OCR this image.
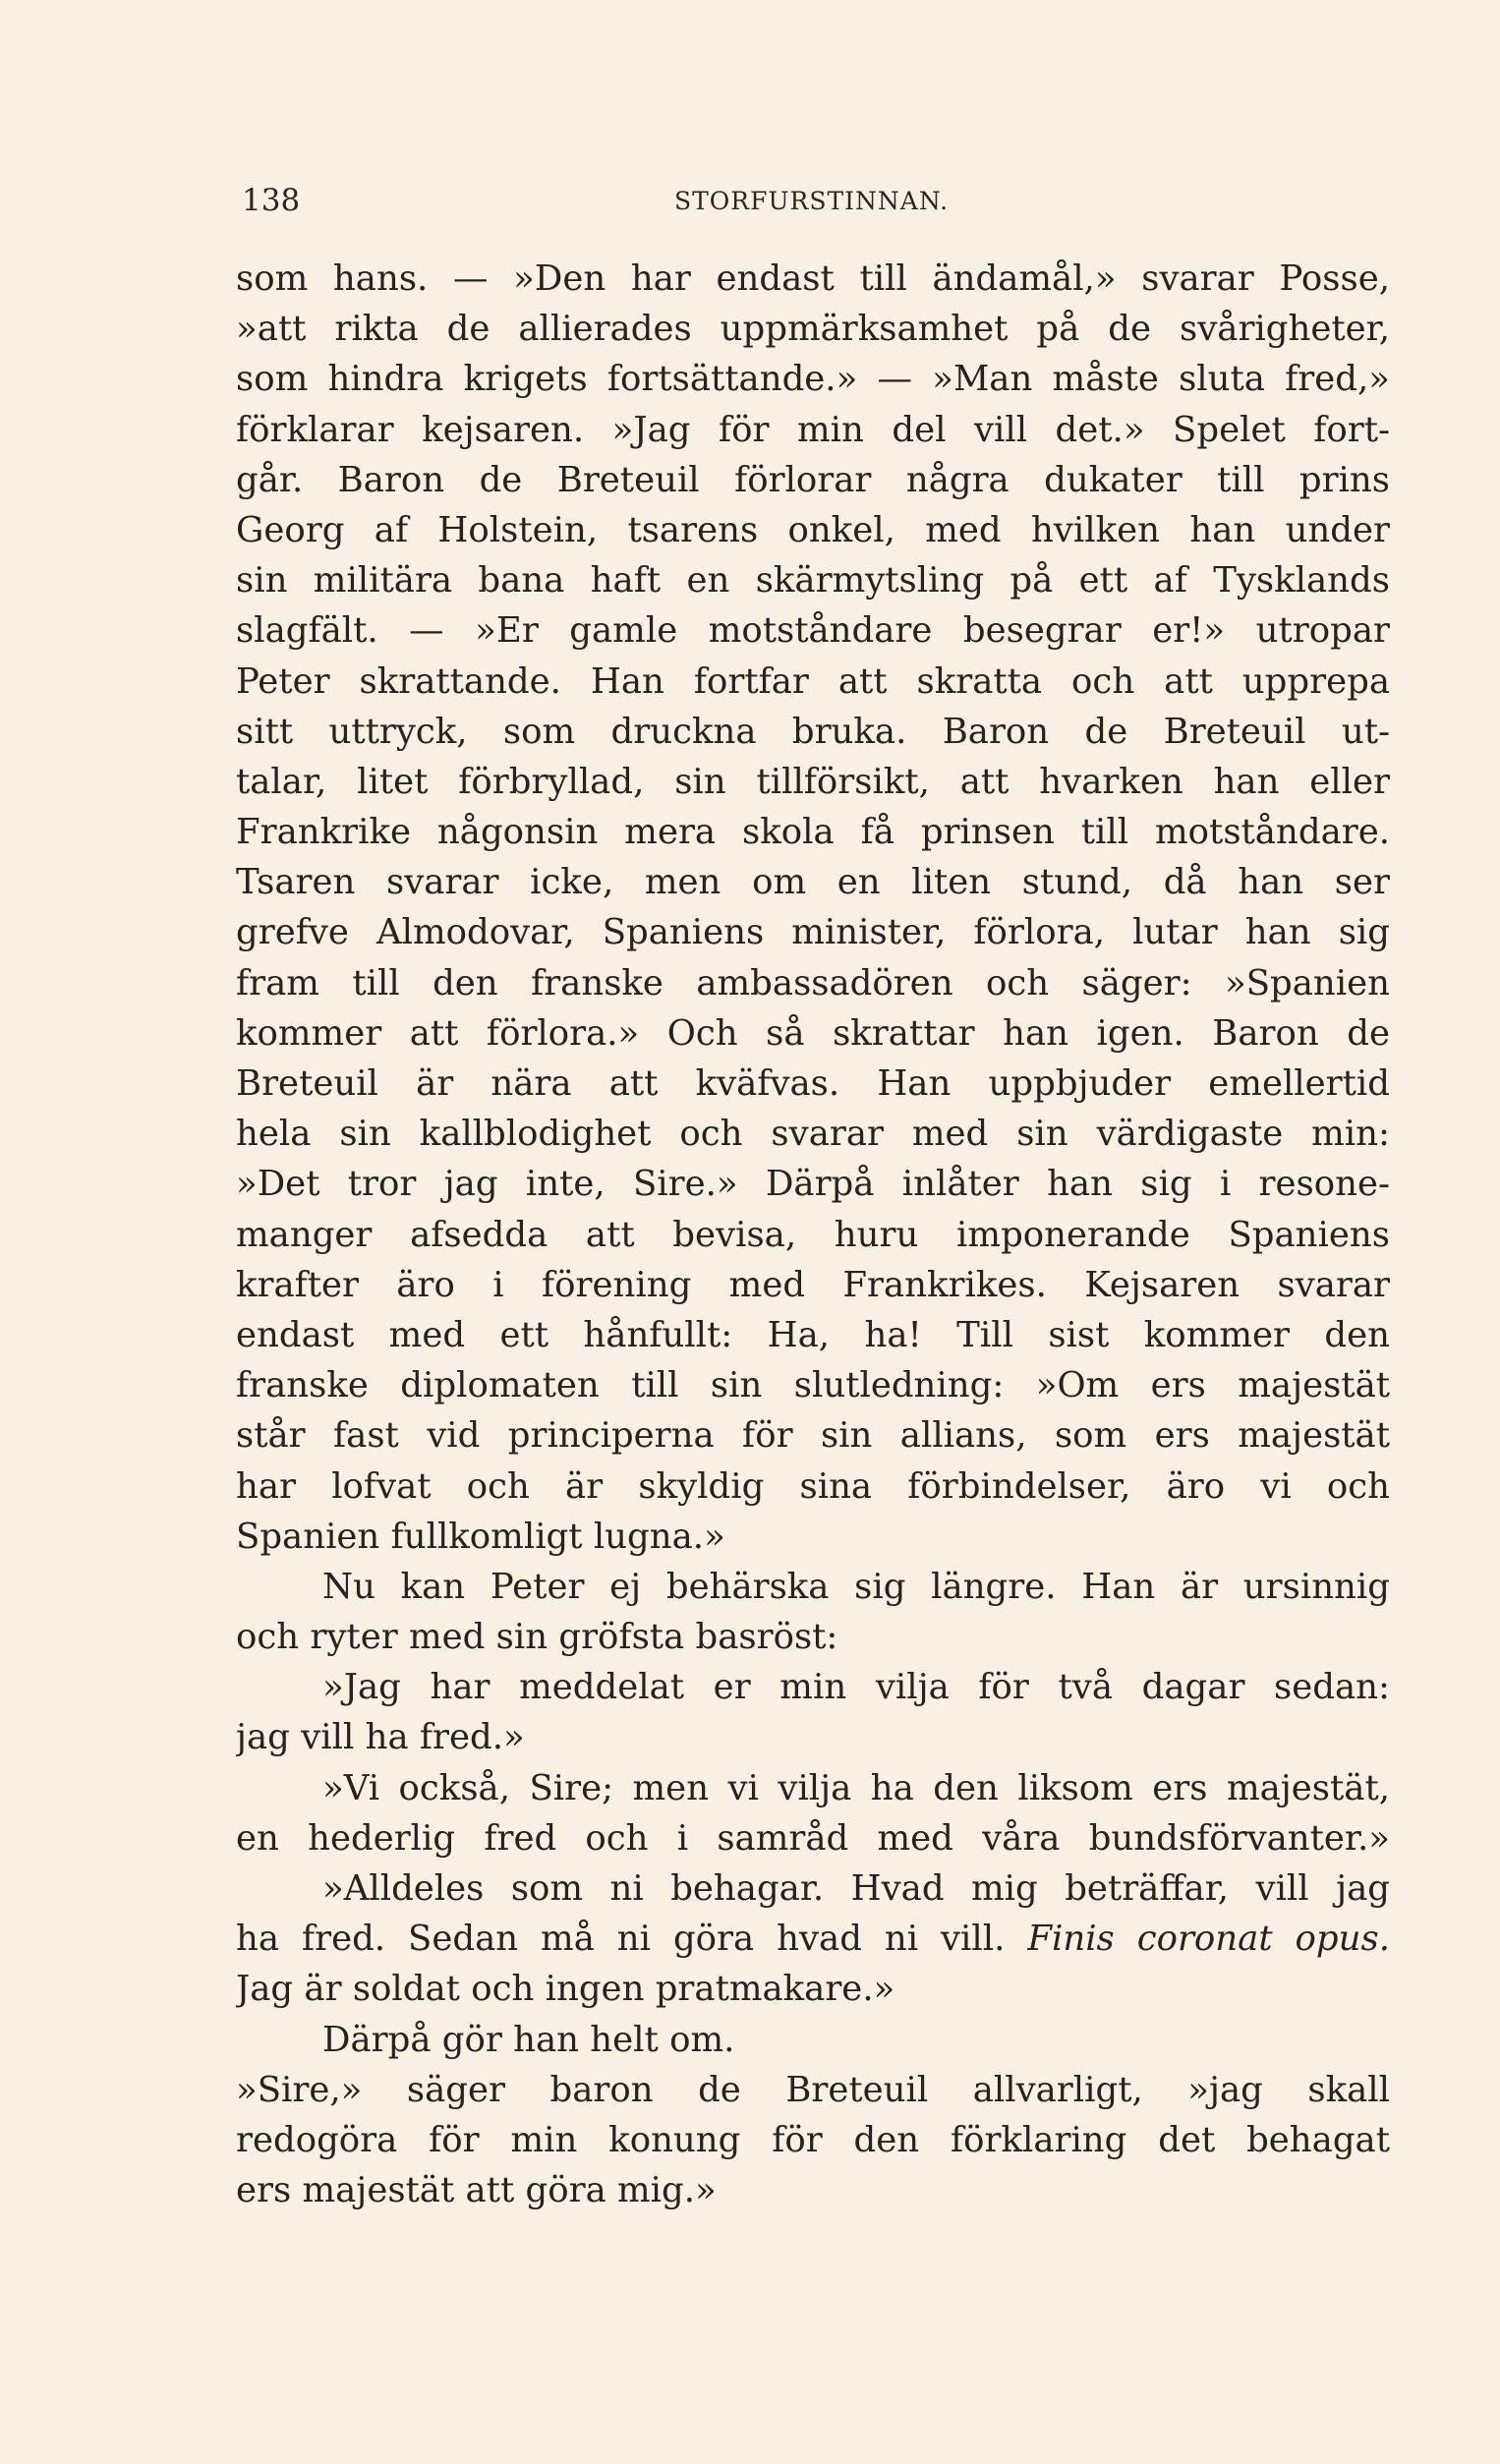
138	STORFURSTINNAN.
som hans. — »Den har endast till ändamål,» svarar Posse,
»att rikta de allierades uppmärksamhet på de svårigheter,
som hindra krigets fortsättande.» — »Man måste sluta fred,»
förklarar kejsaren. »Jag för min del vill det.» Spelet fort-
går. Baron de Breteuil förlorar några dukater till prins
Georg af Holstein, tsarens onkel, med hvilken han under
sin militära bana haft en skärmytsling på ett af Tysklands
slagfält. — »Er gamle motståndare besegrar er!» utropar
Peter skrattande. Han fortfar att skratta och att upprepa
sitt uttryck, som druckna bruka. Baron de Breteuil ut-
talar, litet förbryllad, sin tillförsikt, att hvarken han eller
Frankrike någonsin mera skola få prinsen till motståndare.
Tsaren svarar icke, men om en liten stund, då han ser
grefve Almodovar, Spaniens minister, förlora, lutar han sig
fram till den franske ambassadören och säger: »Spanien
kommer att förlora.» Och så skrattar han igen. Baron de
Breteuil är nära att kväfvas. Han uppbjuder emellertid
hela sin kallblodighet och svarar med sin värdigaste min:
»Det tror jag inte, Sire.» Därpå inlåter han sig i resone-
manger afsedda att bevisa, huru imponerande Spaniens
krafter äro i förening med Frankrikes. Kejsaren svarar
endast med ett hånfullt: Ha, ha! Till sist kommer den
franske diplomaten till sin slutledning: »Om ers majestät
står fast vid principerna för sin allians, som ers majestät
har lofvat och är skyldig sina förbindelser, äro vi och
Spanien fullkomligt lugna.»
Nu kan Peter ej behärska sig längre. Han är ursinnig
och ryter med sin gröfsta basröst:
»Jag har meddelat er min vilja för två dagar sedan:
jag vill ha fred.»
»Vi också, Sire; men vi vilja ha den liksom ers majestät,
en hederlig fred och i samråd med våra bundsförvanter.»
»Alldeles som ni behagar. Hvad mig beträffar, vill jag
ha fred. Sedan må ni göra hvad ni vill. Finis coronat opus.
Jag är soldat och ingen pratmakare.»
Därpå gör han helt om.
»Sire,» säger baron de Breteuil allvarligt, »jag skall
redogöra för min konung för den förklaring det behagat
ers majestät att göra mig.»
